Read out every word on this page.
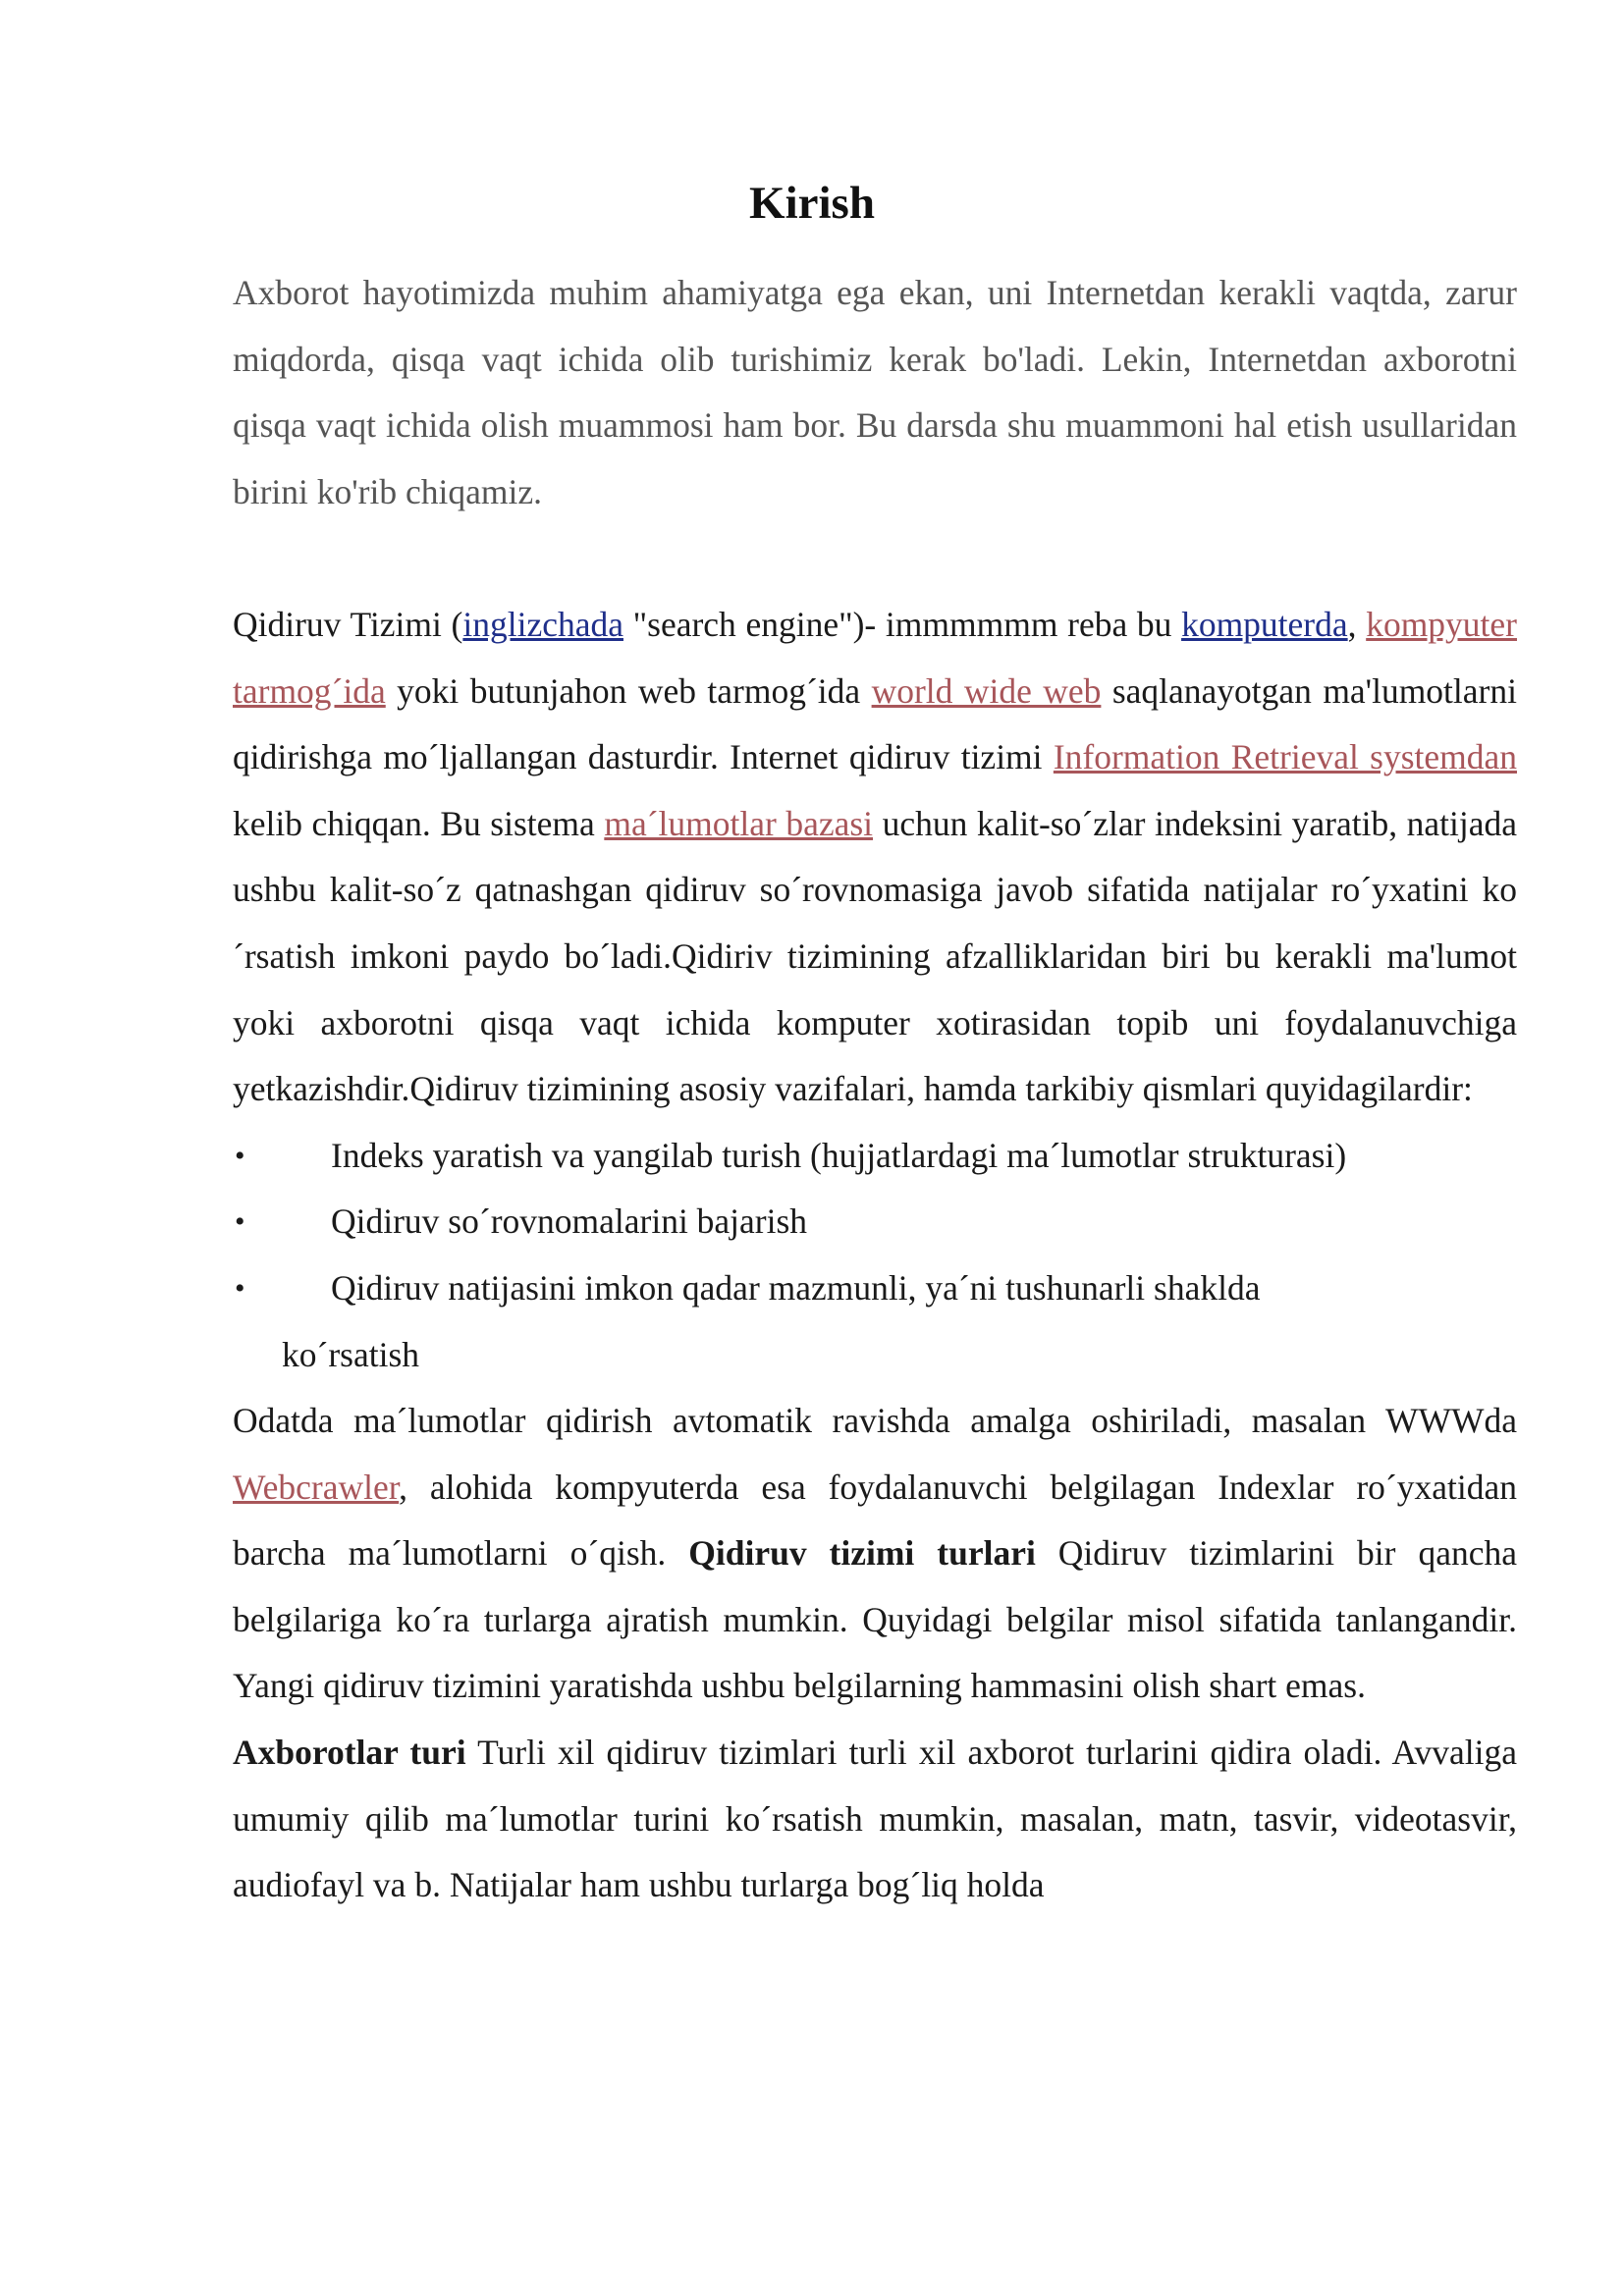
Kirish

Axborot hayotimizda muhim ahamiyatga ega ekan, uni Internetdan kerakli vaqtda, zarur miqdorda, qisqa vaqt ichida olib turishimiz kerak bo'ladi. Lekin, Internetdan axborotni qisqa vaqt ichida olish muammosi ham bor. Bu darsda shu muammoni hal etish usullaridan birini ko'rib chiqamiz.

Qidiruv Tizimi (inglizchada "search engine")- immmmmm reba bu komputerda, kompyuter tarmog´ida yoki butunjahon web tarmog´ida world wide web saqlanayotgan ma'lumotlarni qidirishga mo´ljallangan dasturdir. Internet qidiruv tizimi Information Retrieval systemdan kelib chiqqan. Bu sistema ma´lumotlar bazasi uchun kalit-so´zlar indeksini yaratib, natijada ushbu kalit-so´z qatnashgan qidiruv so´rovnomasiga javob sifatida natijalar ro´yxatini ko´rsatish imkoni paydo bo´ladi.Qidiriv tizimining afzalliklaridan biri bu kerakli ma'lumot yoki axborotni qisqa vaqt ichida komputer xotirasidan topib uni foydalanuvchiga yetkazishdir.Qidiruv tizimining asosiy vazifalari, hamda tarkibiy qismlari quyidagilardir:

• Indeks yaratish va yangilab turish (hujjatlardagi ma´lumotlar strukturasi)
• Qidiruv so´rovnomalarini bajarish
• Qidiruv natijasini imkon qadar mazmunli, ya´ni tushunarli shaklda
ko´rsatish

Odatda ma´lumotlar qidirish avtomatik ravishda amalga oshiriladi, masalan WWWda Webcrawler, alohida kompyuterda esa foydalanuvchi belgilagan Indexlar ro´yxatidan barcha ma´lumotlarni o´qish. Qidiruv tizimi turlari Qidiruv tizimlarini bir qancha belgilariga ko´ra turlarga ajratish mumkin. Quyidagi belgilar misol sifatida tanlangandir. Yangi qidiruv tizimini yaratishda ushbu belgilarning hammasini olish shart emas.

Axborotlar turi Turli xil qidiruv tizimlari turli xil axborot turlarini qidira oladi. Avvaliga umumiy qilib ma´lumotlar turini ko´rsatish mumkin, masalan, matn, tasvir, videotasvir, audiofayl va b. Natijalar ham ushbu turlarga bog´liq holda
